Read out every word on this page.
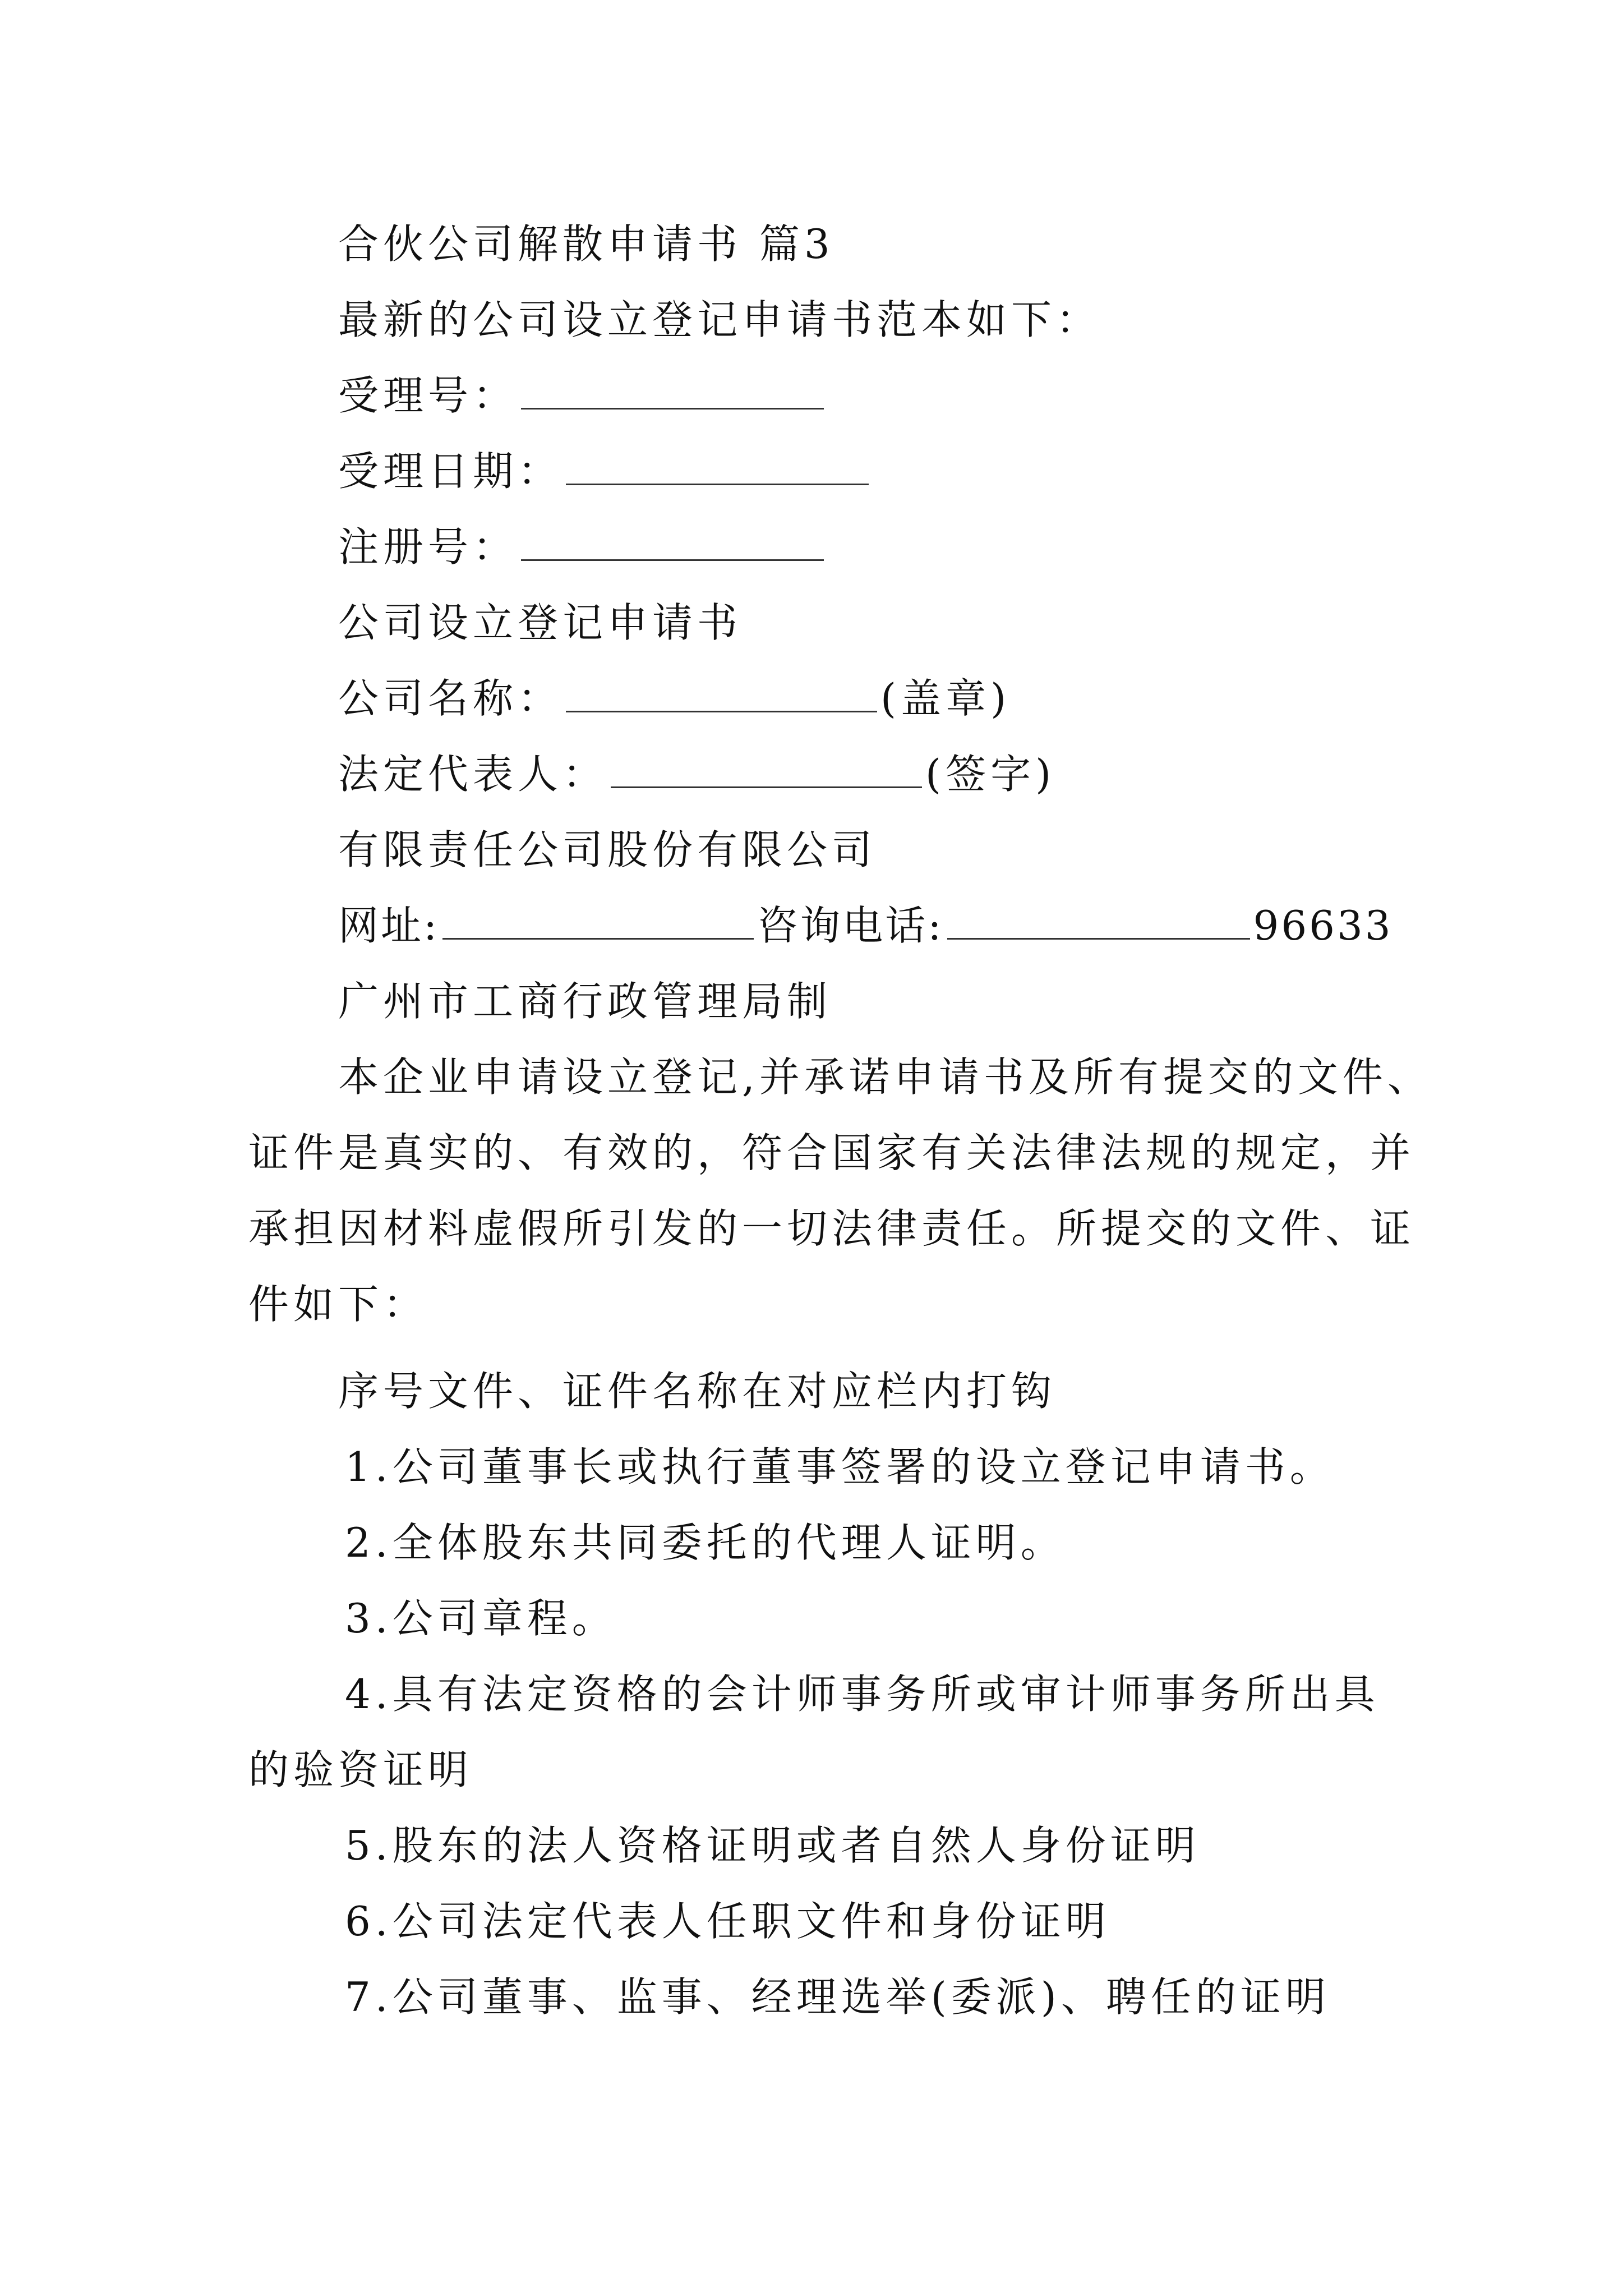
合伙公司解散申请书 篇3
最新的公司设立登记申请书范本如下：
受理号：
受理日期：
注册号：
公司设立登记申请书
公司名称：	(盖章)
法定代表人：	(签字)
有限责任公司股份有限公司
网址:	咨询电话:	96633
广州市工商行政管理局制
本企业申请设立登记,并承诺申请书及所有提交的文件、
证件是真实的、有效的，符合国家有关法律法规的规定，并
承担因材料虚假所引发的一切法律责任。所提交的文件、证
件如下：
序号文件、证件名称在对应栏内打钩
1.公司董事长或执行董事签署的设立登记申请书。
2.全体股东共同委托的代理人证明。
3.公司章程。
4.具有法定资格的会计师事务所或审计师事务所出具
的验资证明
5.股东的法人资格证明或者自然人身份证明
6.公司法定代表人任职文件和身份证明
7.公司董事、监事、经理选举(委派)、聘任的证明
